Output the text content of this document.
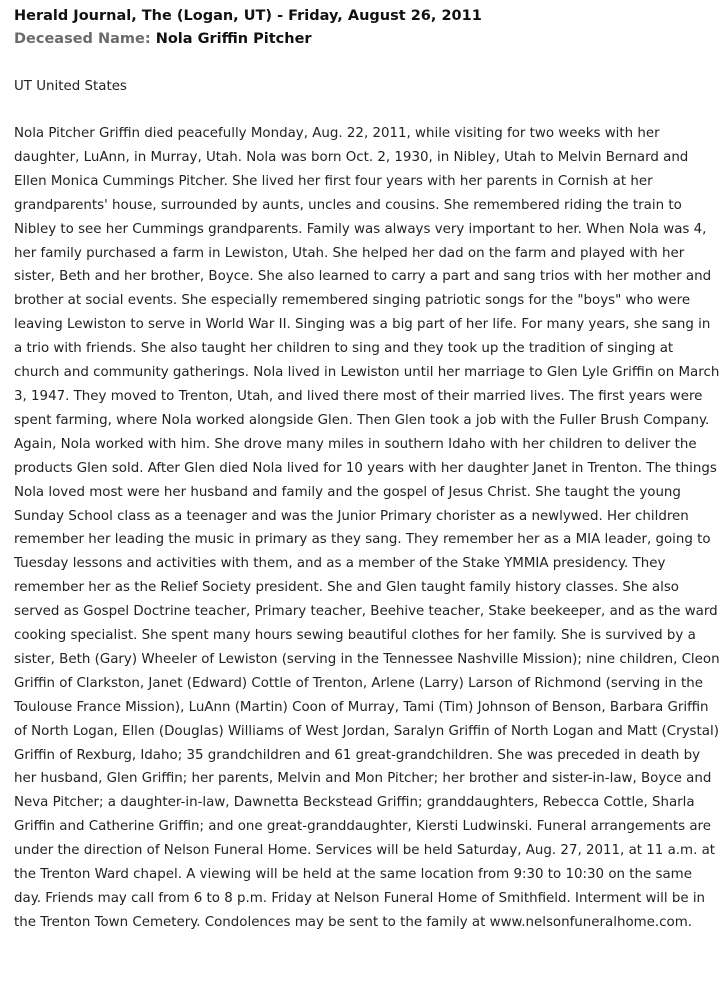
Herald Journal, The (Logan, UT) - Friday, August 26, 2011
Deceased Name: Nola Griffin Pitcher
UT United States
Nola Pitcher Griffin died peacefully Monday, Aug. 22, 2011, while visiting for two weeks with her daughter, LuAnn, in Murray, Utah. Nola was born Oct. 2, 1930, in Nibley, Utah to Melvin Bernard and Ellen Monica Cummings Pitcher. She lived her first four years with her parents in Cornish at her grandparents' house, surrounded by aunts, uncles and cousins. She remembered riding the train to Nibley to see her Cummings grandparents. Family was always very important to her. When Nola was 4, her family purchased a farm in Lewiston, Utah. She helped her dad on the farm and played with her sister, Beth and her brother, Boyce. She also learned to carry a part and sang trios with her mother and brother at social events. She especially remembered singing patriotic songs for the "boys" who were leaving Lewiston to serve in World War II. Singing was a big part of her life. For many years, she sang in a trio with friends. She also taught her children to sing and they took up the tradition of singing at church and community gatherings. Nola lived in Lewiston until her marriage to Glen Lyle Griffin on March 3, 1947. They moved to Trenton, Utah, and lived there most of their married lives. The first years were spent farming, where Nola worked alongside Glen. Then Glen took a job with the Fuller Brush Company. Again, Nola worked with him. She drove many miles in southern Idaho with her children to deliver the products Glen sold. After Glen died Nola lived for 10 years with her daughter Janet in Trenton. The things Nola loved most were her husband and family and the gospel of Jesus Christ. She taught the young Sunday School class as a teenager and was the Junior Primary chorister as a newlywed. Her children remember her leading the music in primary as they sang. They remember her as a MIA leader, going to Tuesday lessons and activities with them, and as a member of the Stake YMMIA presidency. They remember her as the Relief Society president. She and Glen taught family history classes. She also served as Gospel Doctrine teacher, Primary teacher, Beehive teacher, Stake beekeeper, and as the ward cooking specialist. She spent many hours sewing beautiful clothes for her family. She is survived by a sister, Beth (Gary) Wheeler of Lewiston (serving in the Tennessee Nashville Mission); nine children, Cleon Griffin of Clarkston, Janet (Edward) Cottle of Trenton, Arlene (Larry) Larson of Richmond (serving in the Toulouse France Mission), LuAnn (Martin) Coon of Murray, Tami (Tim) Johnson of Benson, Barbara Griffin of North Logan, Ellen (Douglas) Williams of West Jordan, Saralyn Griffin of North Logan and Matt (Crystal) Griffin of Rexburg, Idaho; 35 grandchildren and 61 great-grandchildren. She was preceded in death by her husband, Glen Griffin; her parents, Melvin and Mon Pitcher; her brother and sister-in-law, Boyce and Neva Pitcher; a daughter-in-law, Dawnetta Beckstead Griffin; granddaughters, Rebecca Cottle, Sharla Griffin and Catherine Griffin; and one great-granddaughter, Kiersti Ludwinski. Funeral arrangements are under the direction of Nelson Funeral Home. Services will be held Saturday, Aug. 27, 2011, at 11 a.m. at the Trenton Ward chapel. A viewing will be held at the same location from 9:30 to 10:30 on the same day. Friends may call from 6 to 8 p.m. Friday at Nelson Funeral Home of Smithfield. Interment will be in the Trenton Town Cemetery. Condolences may be sent to the family at www.nelsonfuneralhome.com.
